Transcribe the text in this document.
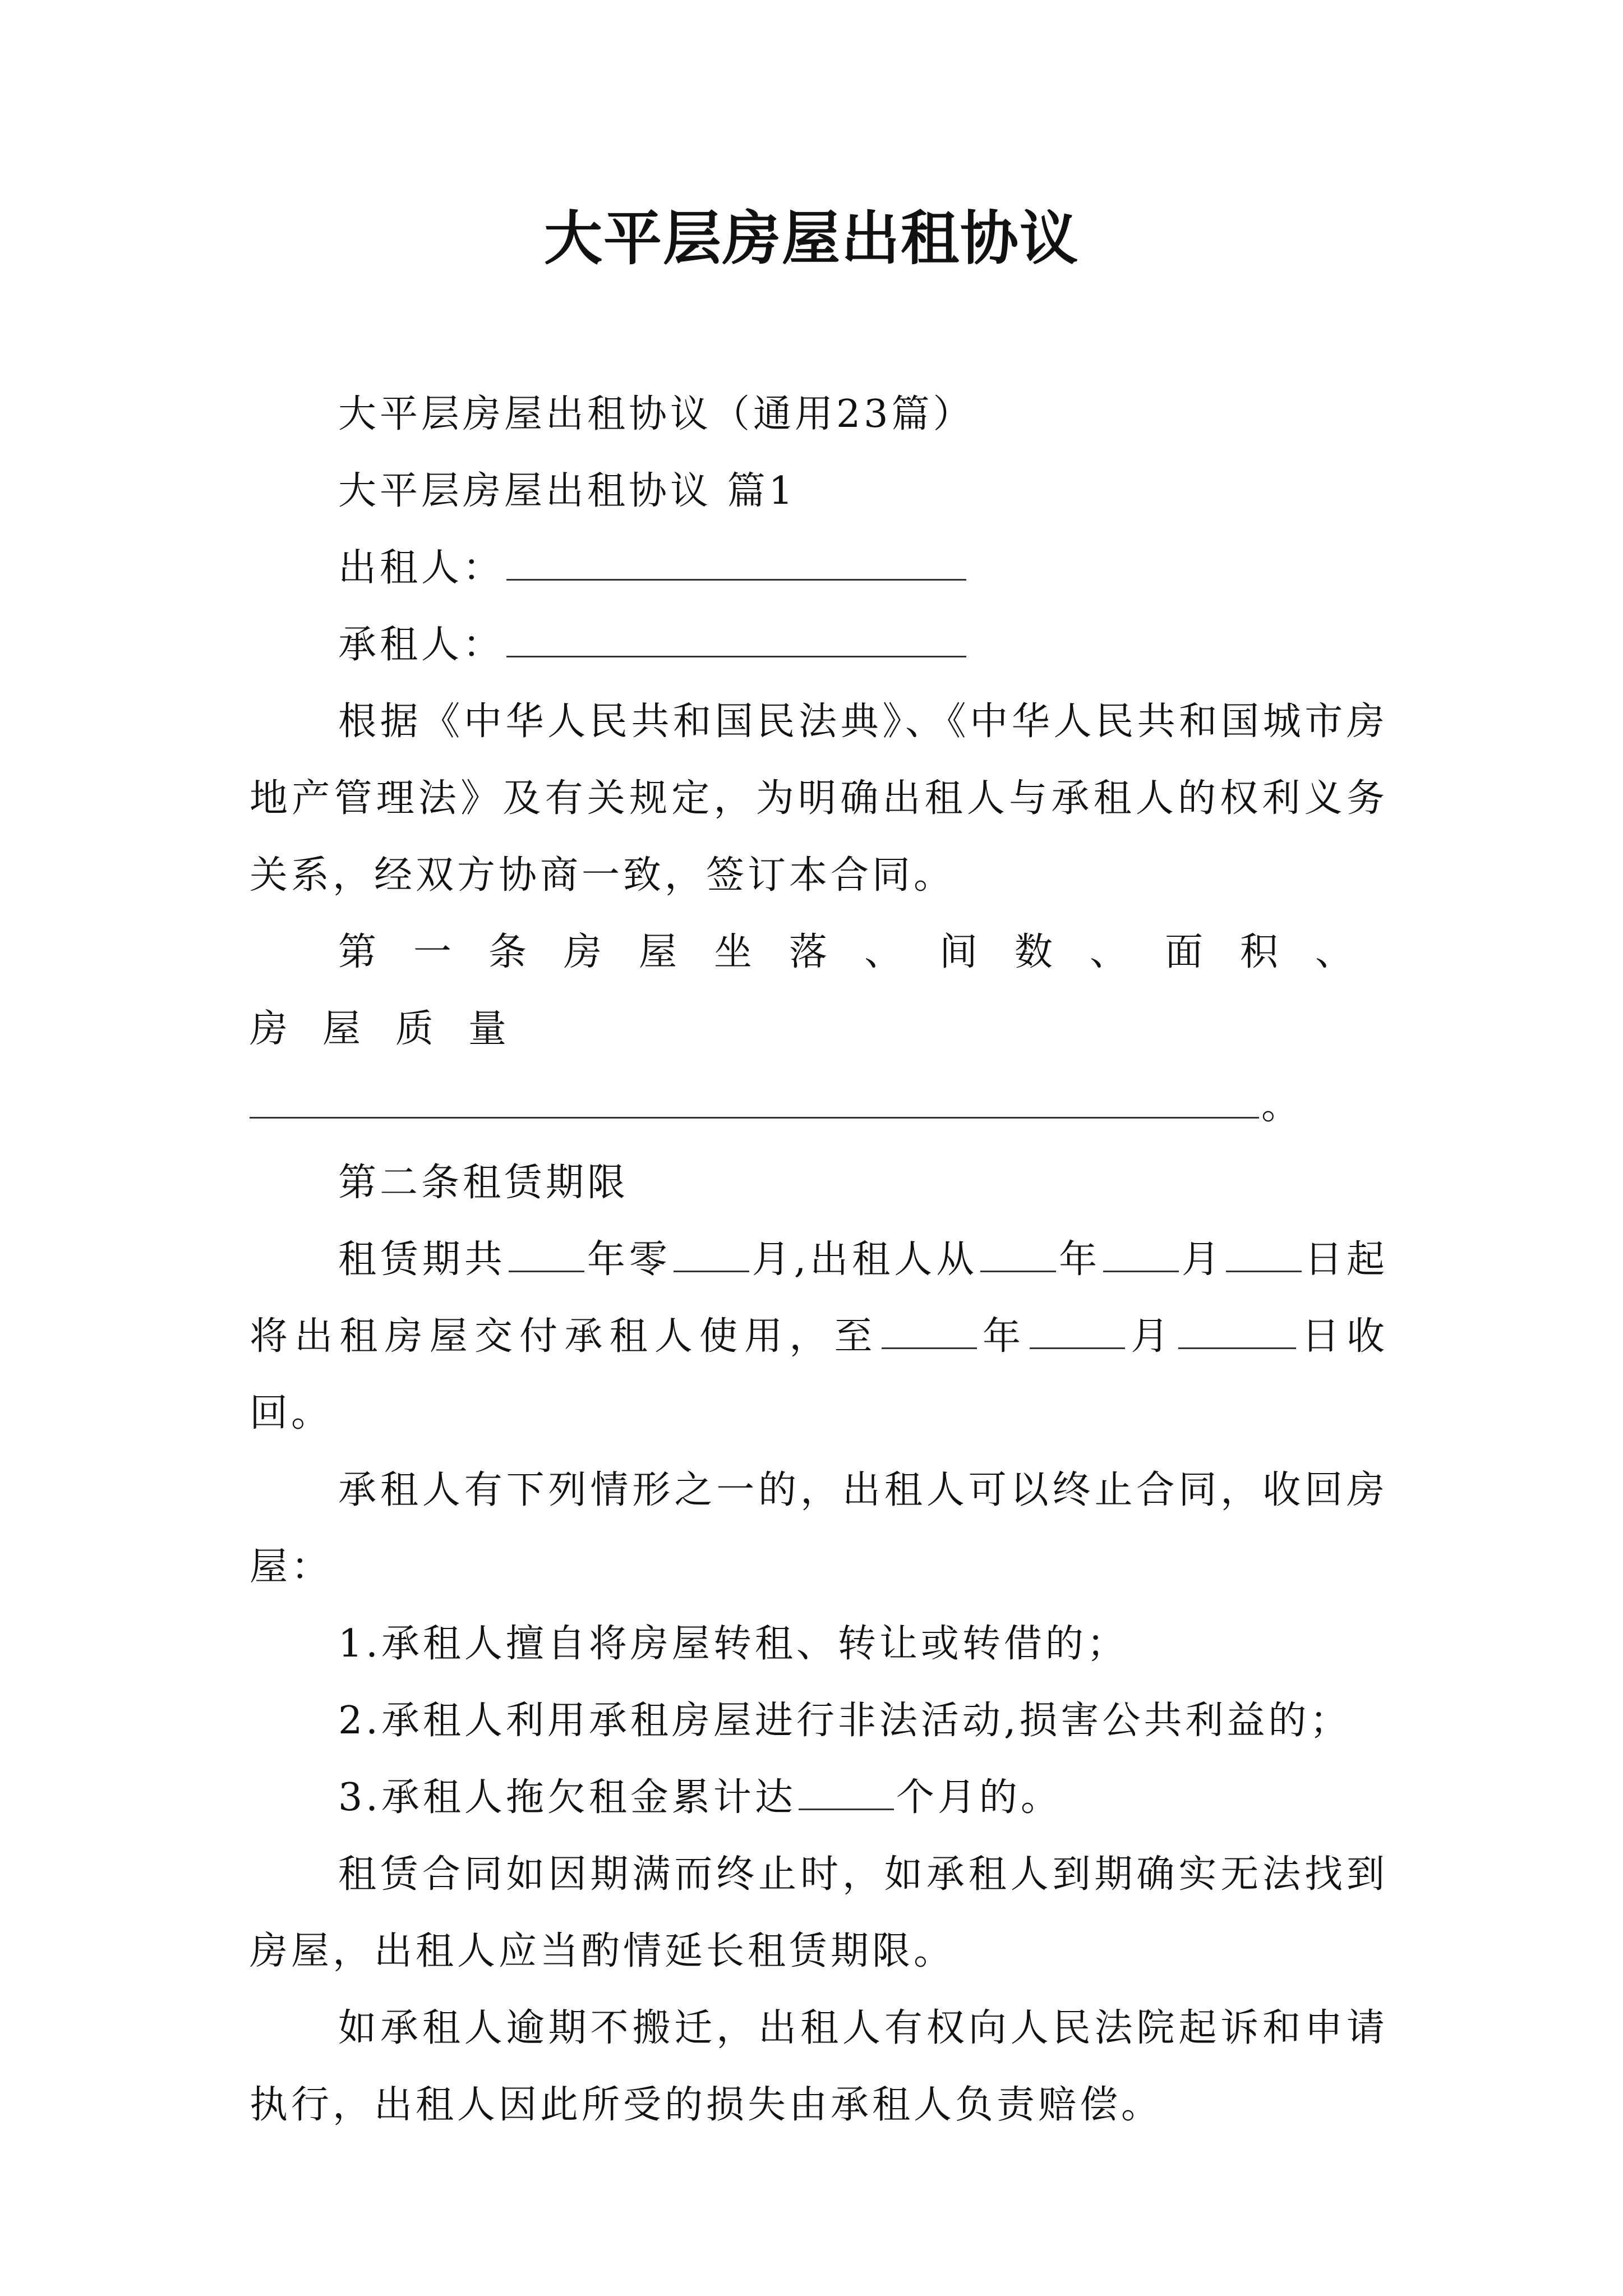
大平层房屋出租协议

大平层房屋出租协议（通用23篇）

大平层房屋出租协议 篇1

出租人：

承租人：

根据《中华人民共和国民法典》、《中华人民共和国城市房地产管理法》及有关规定，为明确出租人与承租人的权利义务关系，经双方协商一致，签订本合同。

第一条房屋坐落、间数、面积、房屋质量

。

第二条租赁期限

租赁期共 年零 月,出租人从 年 月 日起将出租房屋交付承租人使用，至	年	月	日收回。

承租人有下列情形之一的，出租人可以终止合同，收回房屋：

1.承租人擅自将房屋转租、转让或转借的；

2.承租人利用承租房屋进行非法活动,损害公共利益的；

3.承租人拖欠租金累计达	个月的。

租赁合同如因期满而终止时，如承租人到期确实无法找到房屋，出租人应当酌情延长租赁期限。

如承租人逾期不搬迁，出租人有权向人民法院起诉和申请执行，出租人因此所受的损失由承租人负责赔偿。
